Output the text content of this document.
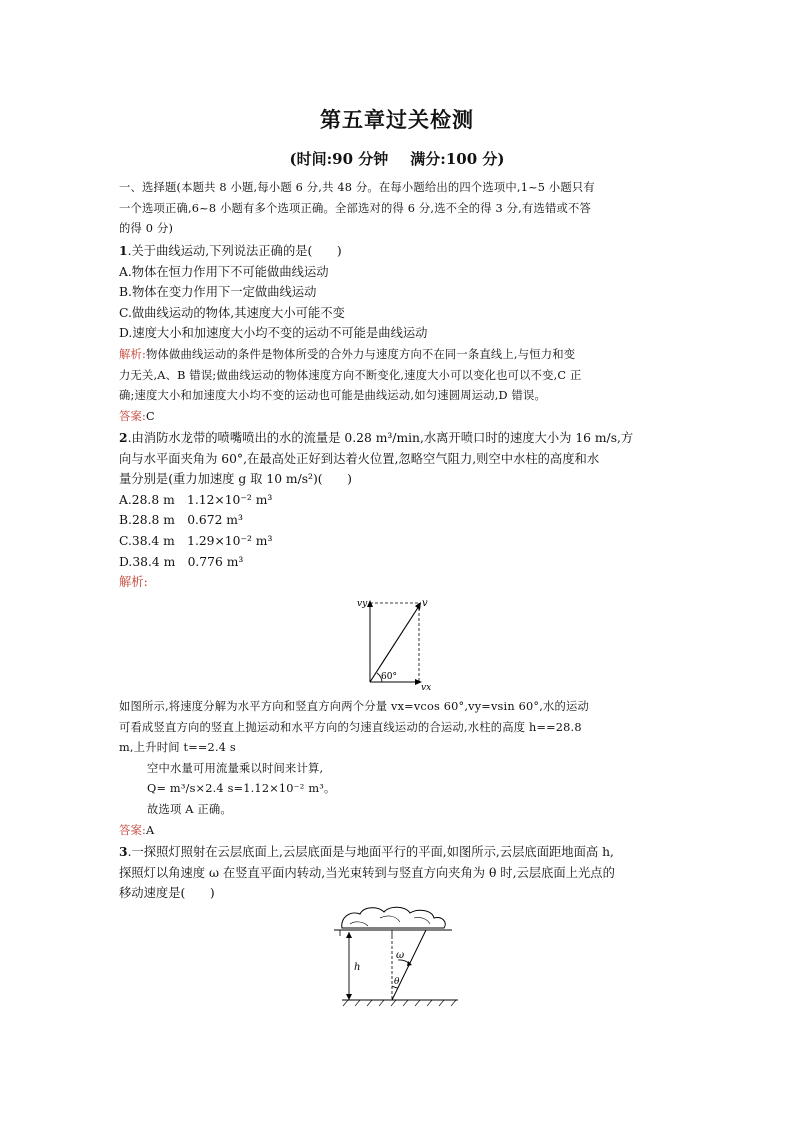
第五章过关检测
(时间:90 分钟 满分:100 分)
一、选择题(本题共 8 小题,每小题 6 分,共 48 分。在每小题给出的四个选项中,1~5 小题只有
一个选项正确,6~8 小题有多个选项正确。全部选对的得 6 分,选不全的得 3 分,有选错或不答
的得 0 分)
1.关于曲线运动,下列说法正确的是(　　)
A.物体在恒力作用下不可能做曲线运动
B.物体在变力作用下一定做曲线运动
C.做曲线运动的物体,其速度大小可能不变
D.速度大小和加速度大小均不变的运动不可能是曲线运动
解析:物体做曲线运动的条件是物体所受的合外力与速度方向不在同一条直线上,与恒力和变
力无关,A、B 错误;做曲线运动的物体速度方向不断变化,速度大小可以变化也可以不变,C 正
确;速度大小和加速度大小均不变的运动也可能是曲线运动,如匀速圆周运动,D 错误。
答案:C
2.由消防水龙带的喷嘴喷出的水的流量是 0.28 m³/min,水离开喷口时的速度大小为 16 m/s,方
向与水平面夹角为 60°,在最高处正好到达着火位置,忽略空气阻力,则空中水柱的高度和水
量分别是(重力加速度 g 取 10 m/s²)(　　)
A.28.8 m　1.12×10⁻² m³
B.28.8 m　0.672 m³
C.38.4 m　1.29×10⁻² m³
D.38.4 m　0.776 m³
解析:
vy	v
60°
vx
如图所示,将速度分解为水平方向和竖直方向两个分量 vx=vcos 60°,vy=vsin 60°,水的运动
可看成竖直方向的竖直上抛运动和水平方向的匀速直线运动的合运动,水柱的高度 h==28.8
m,上升时间 t==2.4 s
空中水量可用流量乘以时间来计算,
Q= m³/s×2.4 s=1.12×10⁻² m³。
故选项 A 正确。
答案:A
3.一探照灯照射在云层底面上,云层底面是与地面平行的平面,如图所示,云层底面距地面高 h,
探照灯以角速度 ω 在竖直平面内转动,当光束转到与竖直方向夹角为 θ 时,云层底面上光点的
移动速度是(　　)
h
θ
ω
